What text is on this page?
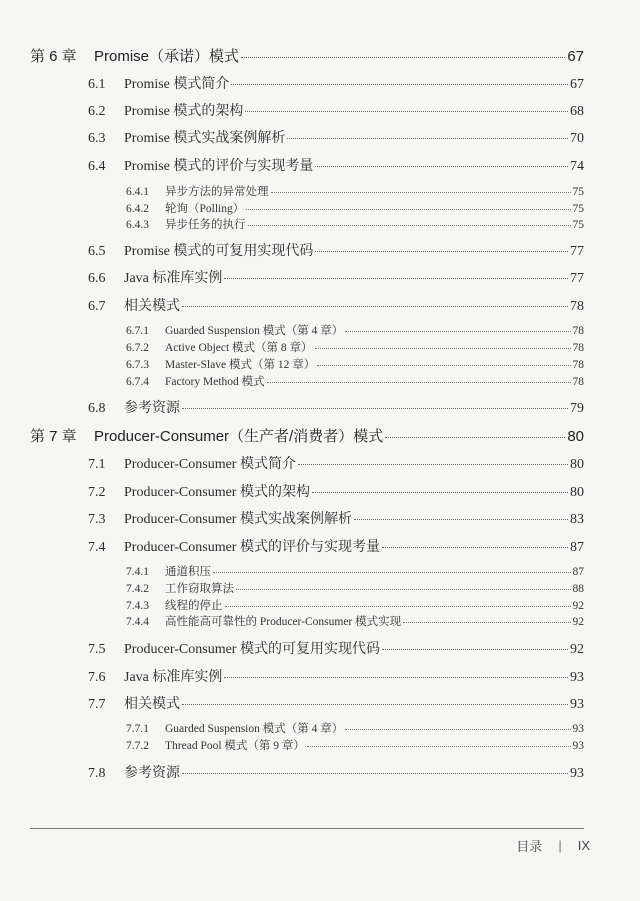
第 6 章	Promise（承诺）模式	67
6.1	Promise 模式简介	67
6.2	Promise 模式的架构	68
6.3	Promise 模式实战案例解析	70
6.4	Promise 模式的评价与实现考量	74
6.4.1	异步方法的异常处理	75
6.4.2	轮询（Polling）	75
6.4.3	异步任务的执行	75
6.5	Promise 模式的可复用实现代码	77
6.6	Java 标准库实例	77
6.7	相关模式	78
6.7.1	Guarded Suspension 模式（第 4 章）	78
6.7.2	Active Object 模式（第 8 章）	78
6.7.3	Master-Slave 模式（第 12 章）	78
6.7.4	Factory Method 模式	78
6.8	参考资源	79
第 7 章	Producer-Consumer（生产者/消费者）模式	80
7.1	Producer-Consumer 模式简介	80
7.2	Producer-Consumer 模式的架构	80
7.3	Producer-Consumer 模式实战案例解析	83
7.4	Producer-Consumer 模式的评价与实现考量	87
7.4.1	通道积压	87
7.4.2	工作窃取算法	88
7.4.3	线程的停止	92
7.4.4	高性能高可靠性的 Producer-Consumer 模式实现	92
7.5	Producer-Consumer 模式的可复用实现代码	92
7.6	Java 标准库实例	93
7.7	相关模式	93
7.7.1	Guarded Suspension 模式（第 4 章）	93
7.7.2	Thread Pool 模式（第 9 章）	93
7.8	参考资源	93
目录 | IX
